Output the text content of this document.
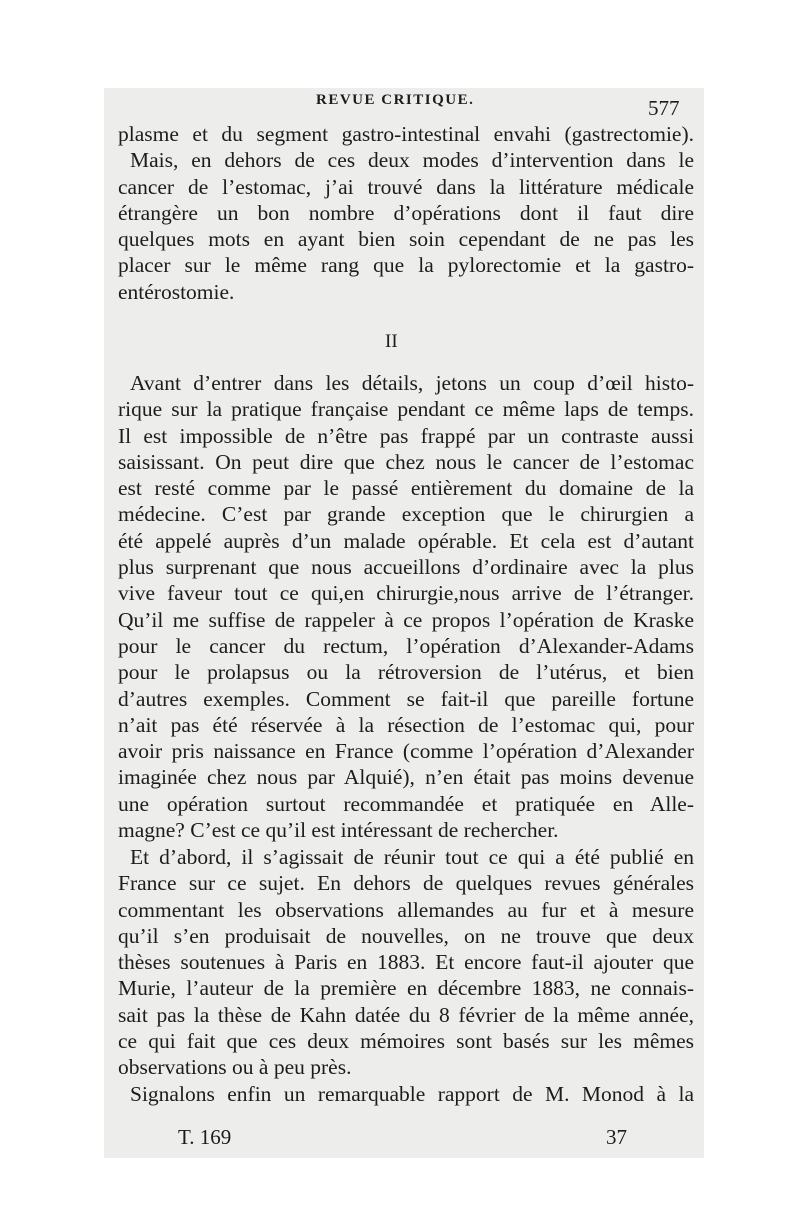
REVUE CRITIQUE.	577
plasme et du segment gastro-intestinal envahi (gastrectomie).
Mais, en dehors de ces deux modes d’intervention dans le
cancer de l’estomac, j’ai trouvé dans la littérature médicale
étrangère un bon nombre d’opérations dont il faut dire
quelques mots en ayant bien soin cependant de ne pas les
placer sur le même rang que la pylorectomie et la gastro-
entérostomie.
II
Avant d’entrer dans les détails, jetons un coup d’œil histo-
rique sur la pratique française pendant ce même laps de temps.
Il est impossible de n’être pas frappé par un contraste aussi
saisissant. On peut dire que chez nous le cancer de l’estomac
est resté comme par le passé entièrement du domaine de la
médecine. C’est par grande exception que le chirurgien a
été appelé auprès d’un malade opérable. Et cela est d’autant
plus surprenant que nous accueillons d’ordinaire avec la plus
vive faveur tout ce qui,en chirurgie,nous arrive de l’étranger.
Qu’il me suffise de rappeler à ce propos l’opération de Kraske
pour le cancer du rectum, l’opération d’Alexander-Adams
pour le prolapsus ou la rétroversion de l’utérus, et bien
d’autres exemples. Comment se fait-il que pareille fortune
n’ait pas été réservée à la résection de l’estomac qui, pour
avoir pris naissance en France (comme l’opération d’Alexander
imaginée chez nous par Alquié), n’en était pas moins devenue
une opération surtout recommandée et pratiquée en Alle-
magne? C’est ce qu’il est intéressant de rechercher.
Et d’abord, il s’agissait de réunir tout ce qui a été publié en
France sur ce sujet. En dehors de quelques revues générales
commentant les observations allemandes au fur et à mesure
qu’il s’en produisait de nouvelles, on ne trouve que deux
thèses soutenues à Paris en 1883. Et encore faut-il ajouter que
Murie, l’auteur de la première en décembre 1883, ne connais-
sait pas la thèse de Kahn datée du 8 février de la même année,
ce qui fait que ces deux mémoires sont basés sur les mêmes
observations ou à peu près.
Signalons enfin un remarquable rapport de M. Monod à la
T. 169	37
